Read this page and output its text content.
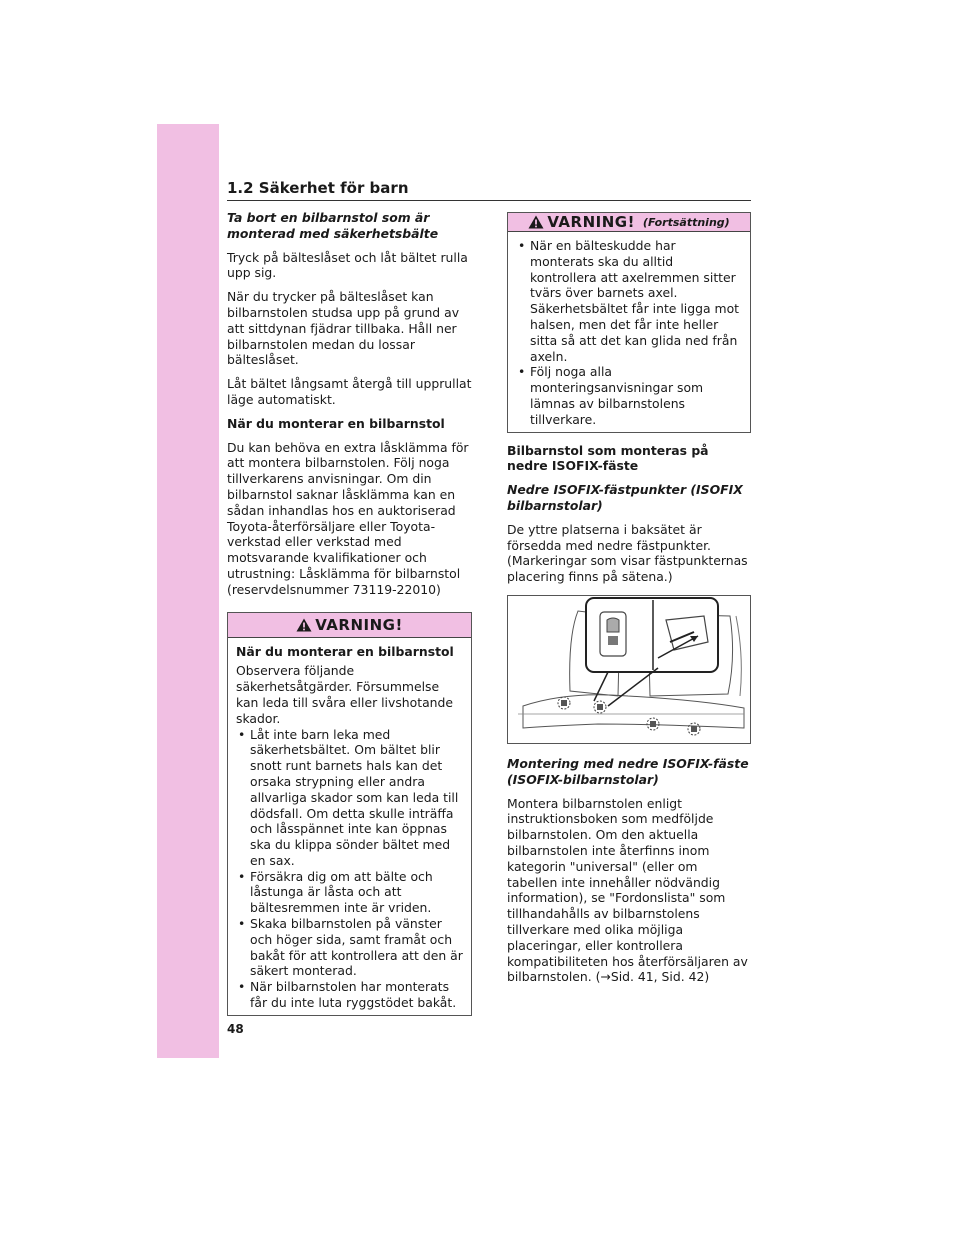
1.2 Säkerhet för barn

Ta bort en bilbarnstol som är monterad med säkerhetsbälte

Tryck på bälteslåset och låt bältet rulla upp sig.

När du trycker på bälteslåset kan bilbarnstolen studsa upp på grund av att sittdynan fjädrar tillbaka. Håll ner bilbarnstolen medan du lossar bälteslåset.

Låt bältet långsamt återgå till upprullat läge automatiskt.

När du monterar en bilbarnstol

Du kan behöva en extra låsklämma för att montera bilbarnstolen. Följ noga tillverkarens anvisningar. Om din bilbarnstol saknar låsklämma kan en sådan inhandlas hos en auktoriserad Toyota-återförsäljare eller Toyota-verkstad eller verkstad med motsvarande kvalifikationer och utrustning: Låsklämma för bilbarnstol (reservdelsnummer 73119-22010)

VARNING!

När du monterar en bilbarnstol

Observera följande säkerhetsåtgärder. Försummelse kan leda till svåra eller livshotande skador.

• Låt inte barn leka med säkerhetsbältet. Om bältet blir snott runt barnets hals kan det orsaka strypning eller andra allvarliga skador som kan leda till dödsfall. Om detta skulle inträffa och låsspännet inte kan öppnas ska du klippa sönder bältet med en sax.
• Försäkra dig om att bälte och låstunga är låsta och att bältesremmen inte är vriden.
• Skaka bilbarnstolen på vänster och höger sida, samt framåt och bakåt för att kontrollera att den är säkert monterad.
• När bilbarnstolen har monterats får du inte luta ryggstödet bakåt.
VARNING! (Fortsättning)
• När en bälteskudde har monterats ska du alltid kontrollera att axelremmen sitter tvärs över barnets axel. Säkerhetsbältet får inte ligga mot halsen, men det får inte heller sitta så att det kan glida ned från axeln.
• Följ noga alla monteringsanvisningar som lämnas av bilbarnstolens tillverkare.

Bilbarnstol som monteras på nedre ISOFIX-fäste

Nedre ISOFIX-fästpunkter (ISOFIX bilbarnstolar)

De yttre platserna i baksätet är försedda med nedre fästpunkter. (Markeringar som visar fästpunkternas placering finns på sätena.)

Montering med nedre ISOFIX-fäste (ISOFIX-bilbarnstolar)

Montera bilbarnstolen enligt instruktionsboken som medföljde bilbarnstolen. Om den aktuella bilbarnstolen inte återfinns inom kategorin "universal" (eller om tabellen inte innehåller nödvändig information), se "Fordonslista" som tillhandahålls av bilbarnstolens tillverkare med olika möjliga placeringar, eller kontrollera kompatibiliteten hos återförsäljaren av bilbarnstolen. (→Sid. 41, Sid. 42)

48
